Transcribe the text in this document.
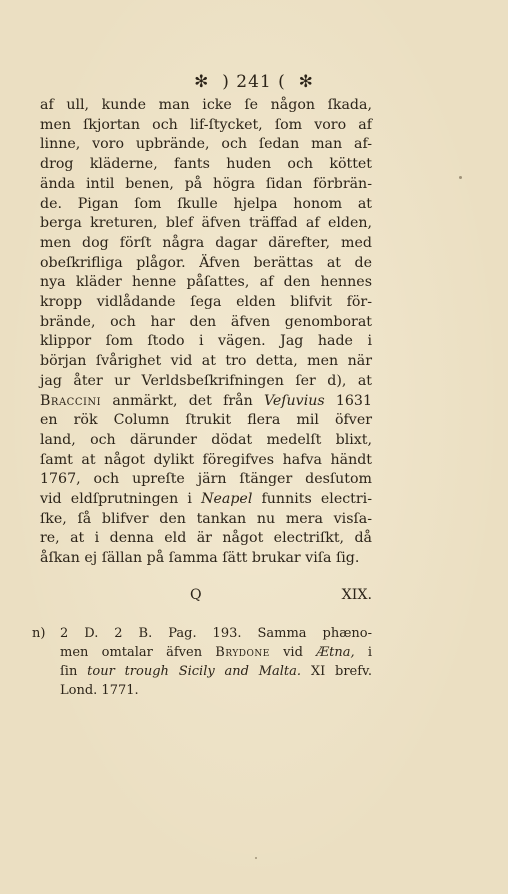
✻ ) 241 ( ✻
af ull, kunde man icke ſe någon ſkada,
men ſkjortan och lif-ſtycket, ſom voro af
linne, voro upbrände, och ſedan man af-
drog kläderne, fants huden och köttet
ända intil benen, på högra ſidan förbrän-
de. Pigan ſom ſkulle hjelpa honom at
berga kreturen, blef äfven träffad af elden,
men dog förſt några dagar därefter, med
obeſkrifliga plågor. Äfven berättas at de
nya kläder henne påſattes, af den hennes
kropp vidlådande ſega elden blifvit för-
brände, och har den äfven genomborat
klippor ſom ſtodo i vägen. Jag hade i
början ſvårighet vid at tro detta, men när
jag åter ur Verldsbeſkrifningen ſer d), at
Braccini anmärkt, det från Veſuvius 1631
en rök Column ſtrukit flera mil öfver
land, och därunder dödat medelſt blixt,
ſamt at något dylikt föregifves hafva händt
1767, och upreſte järn ſtänger desſutom
vid eldſprutningen i Neapel funnits electri-
ſke, ſå blifver den tankan nu mera visſa-
re, at i denna eld är något electriſkt, då
åſkan ej ſällan på ſamma ſätt brukar viſa ſig.
Q	XIX.
n) 2 D. 2 B. Pag. 193. Samma phæno-
men omtalar äfven Brydone vid Ætna, i
ſin tour trough Sicily and Malta. XI brefv.
Lond. 1771.
